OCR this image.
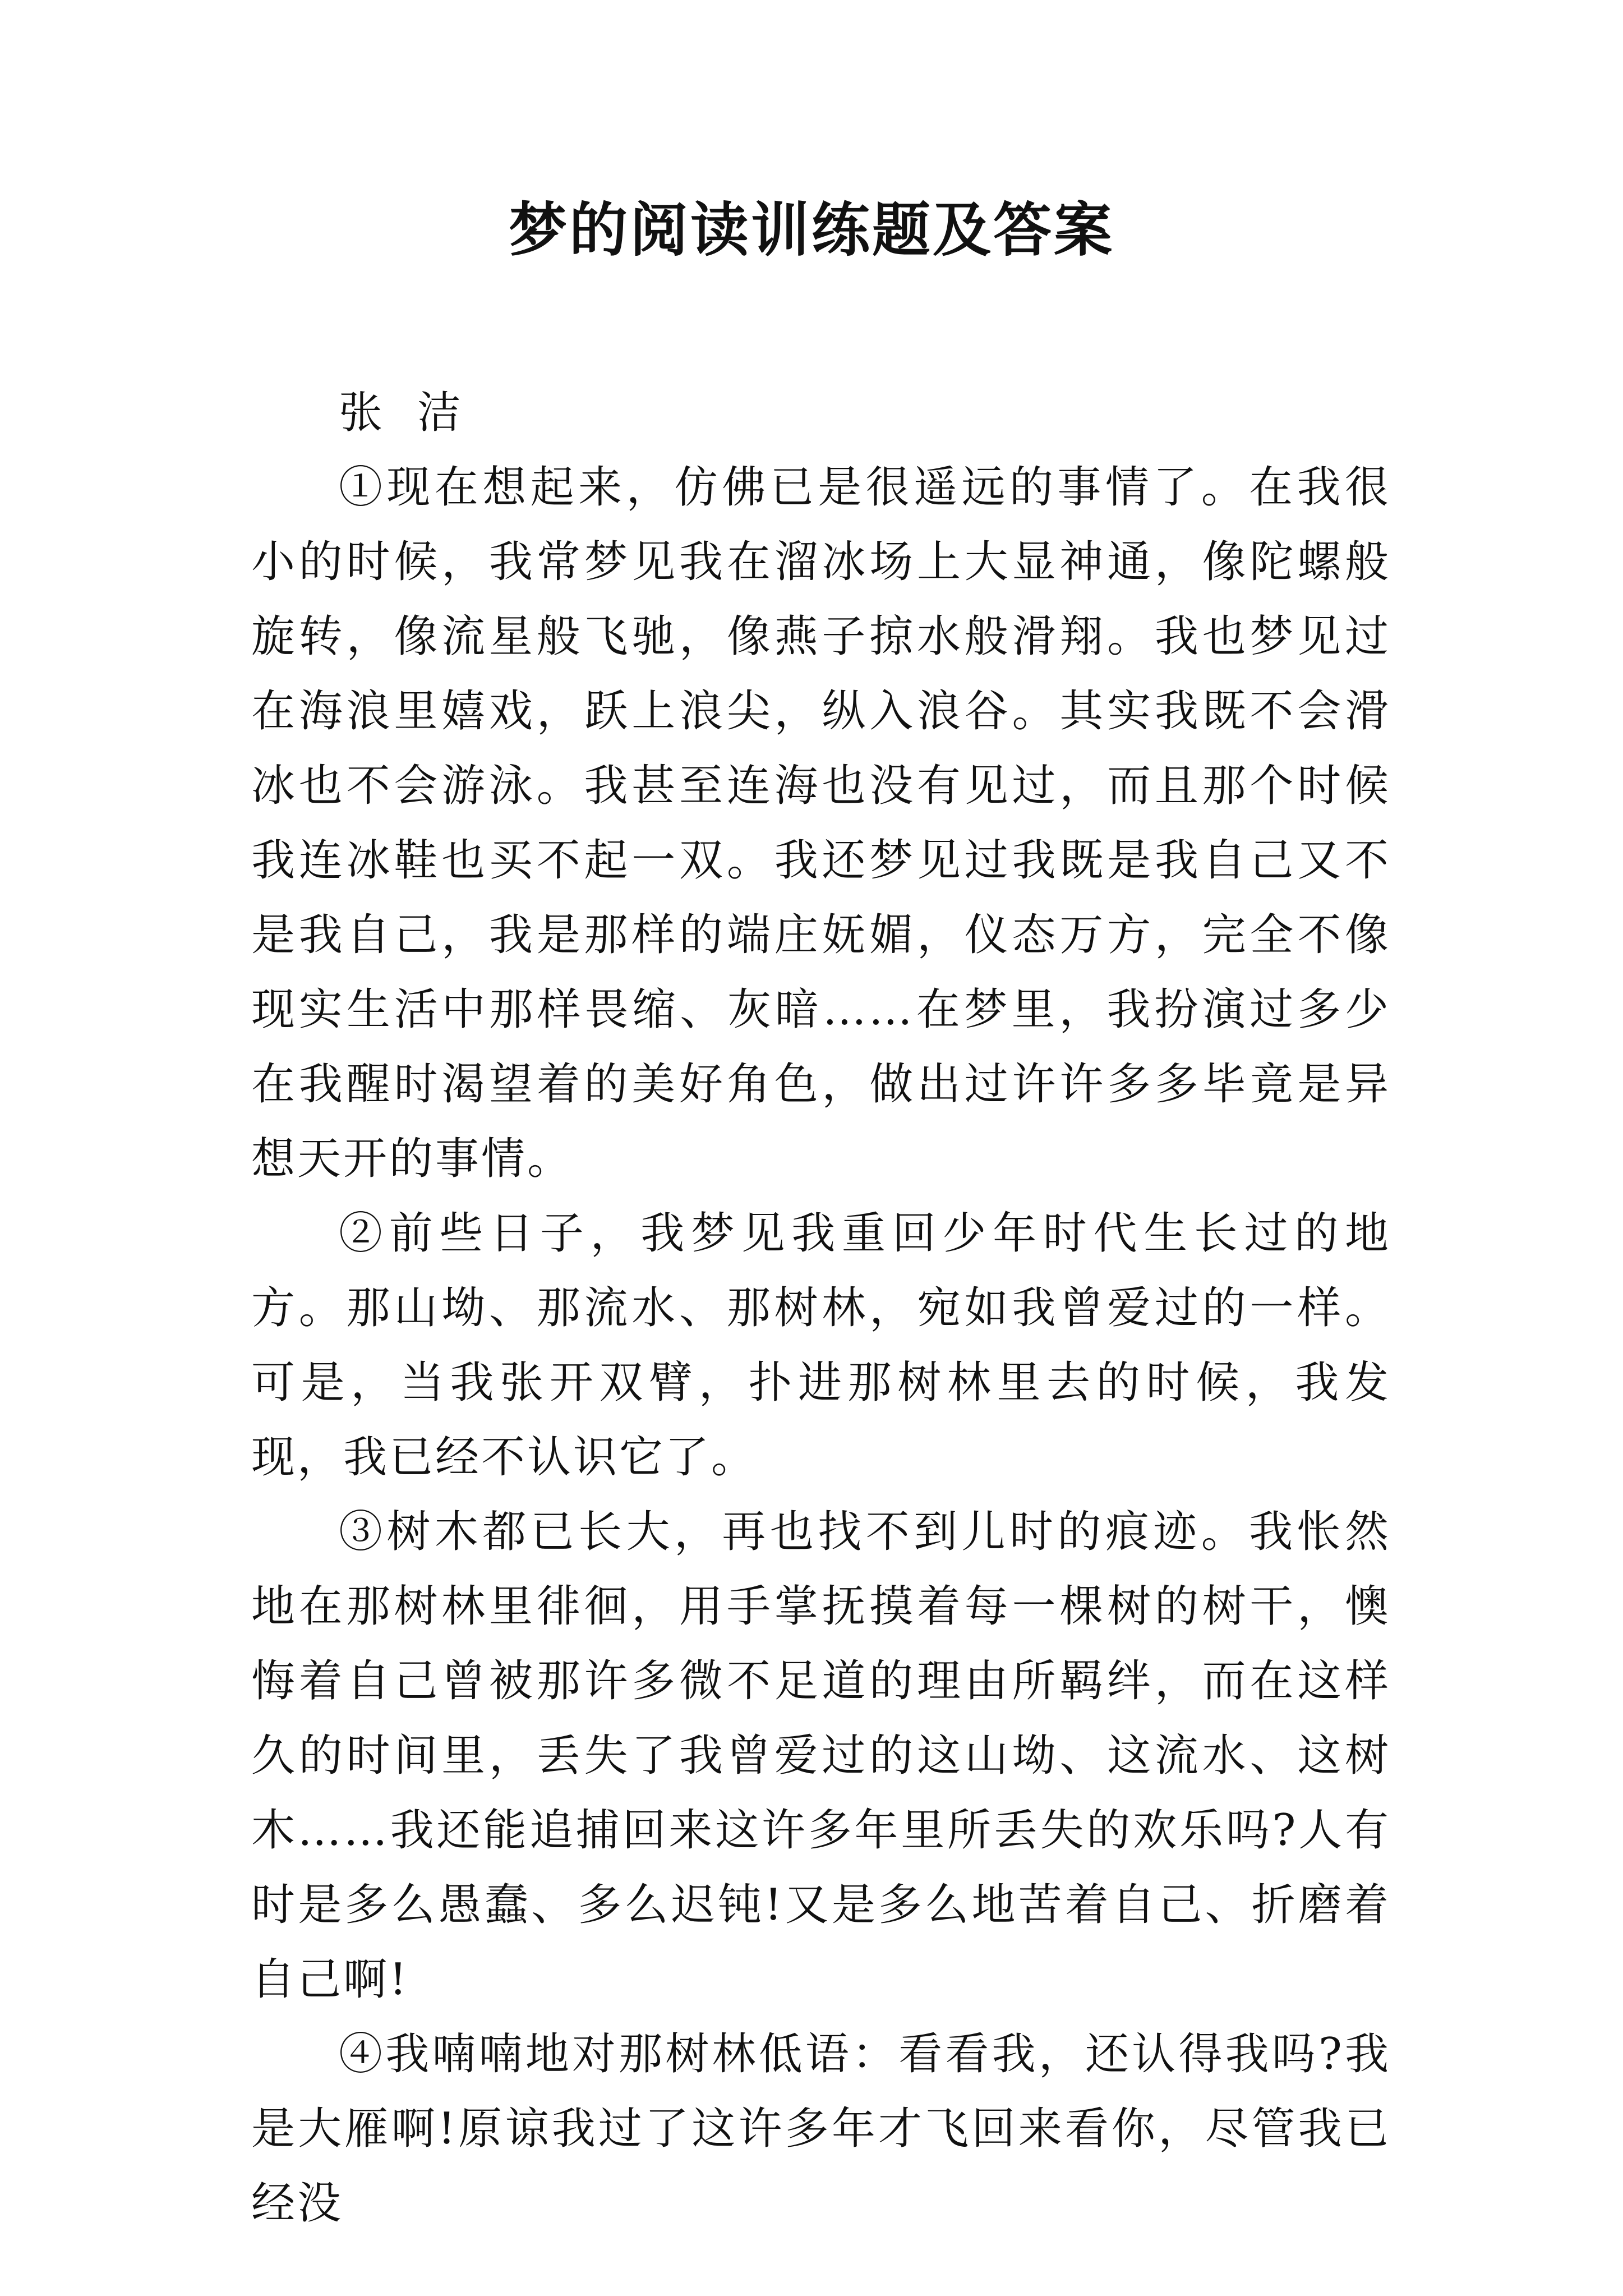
梦的阅读训练题及答案

张  洁

①现在想起来，仿佛已是很遥远的事情了。在我很小的时候，我常梦见我在溜冰场上大显神通，像陀螺般旋转，像流星般飞驰，像燕子掠水般滑翔。我也梦见过在海浪里嬉戏，跃上浪尖，纵入浪谷。其实我既不会滑冰也不会游泳。我甚至连海也没有见过，而且那个时候我连冰鞋也买不起一双。我还梦见过我既是我自己又不是我自己，我是那样的端庄妩媚，仪态万方，完全不像现实生活中那样畏缩、灰暗……在梦里，我扮演过多少在我醒时渴望着的美好角色，做出过许许多多毕竟是异想天开的事情。

②前些日子，我梦见我重回少年时代生长过的地方。那山坳、那流水、那树林，宛如我曾爱过的一样。可是，当我张开双臂，扑进那树林里去的时候，我发现，我已经不认识它了。

③树木都已长大，再也找不到儿时的痕迹。我怅然地在那树林里徘徊，用手掌抚摸着每一棵树的树干，懊悔着自己曾被那许多微不足道的理由所羁绊，而在这样久的时间里，丢失了我曾爱过的这山坳、这流水、这树木……我还能追捕回来这许多年里所丢失的欢乐吗?人有时是多么愚蠢、多么迟钝!又是多么地苦着自己、折磨着自己啊!

④我喃喃地对那树林低语：看看我，还认得我吗?我是大雁啊!原谅我过了这许多年才飞回来看你，尽管我已经没
